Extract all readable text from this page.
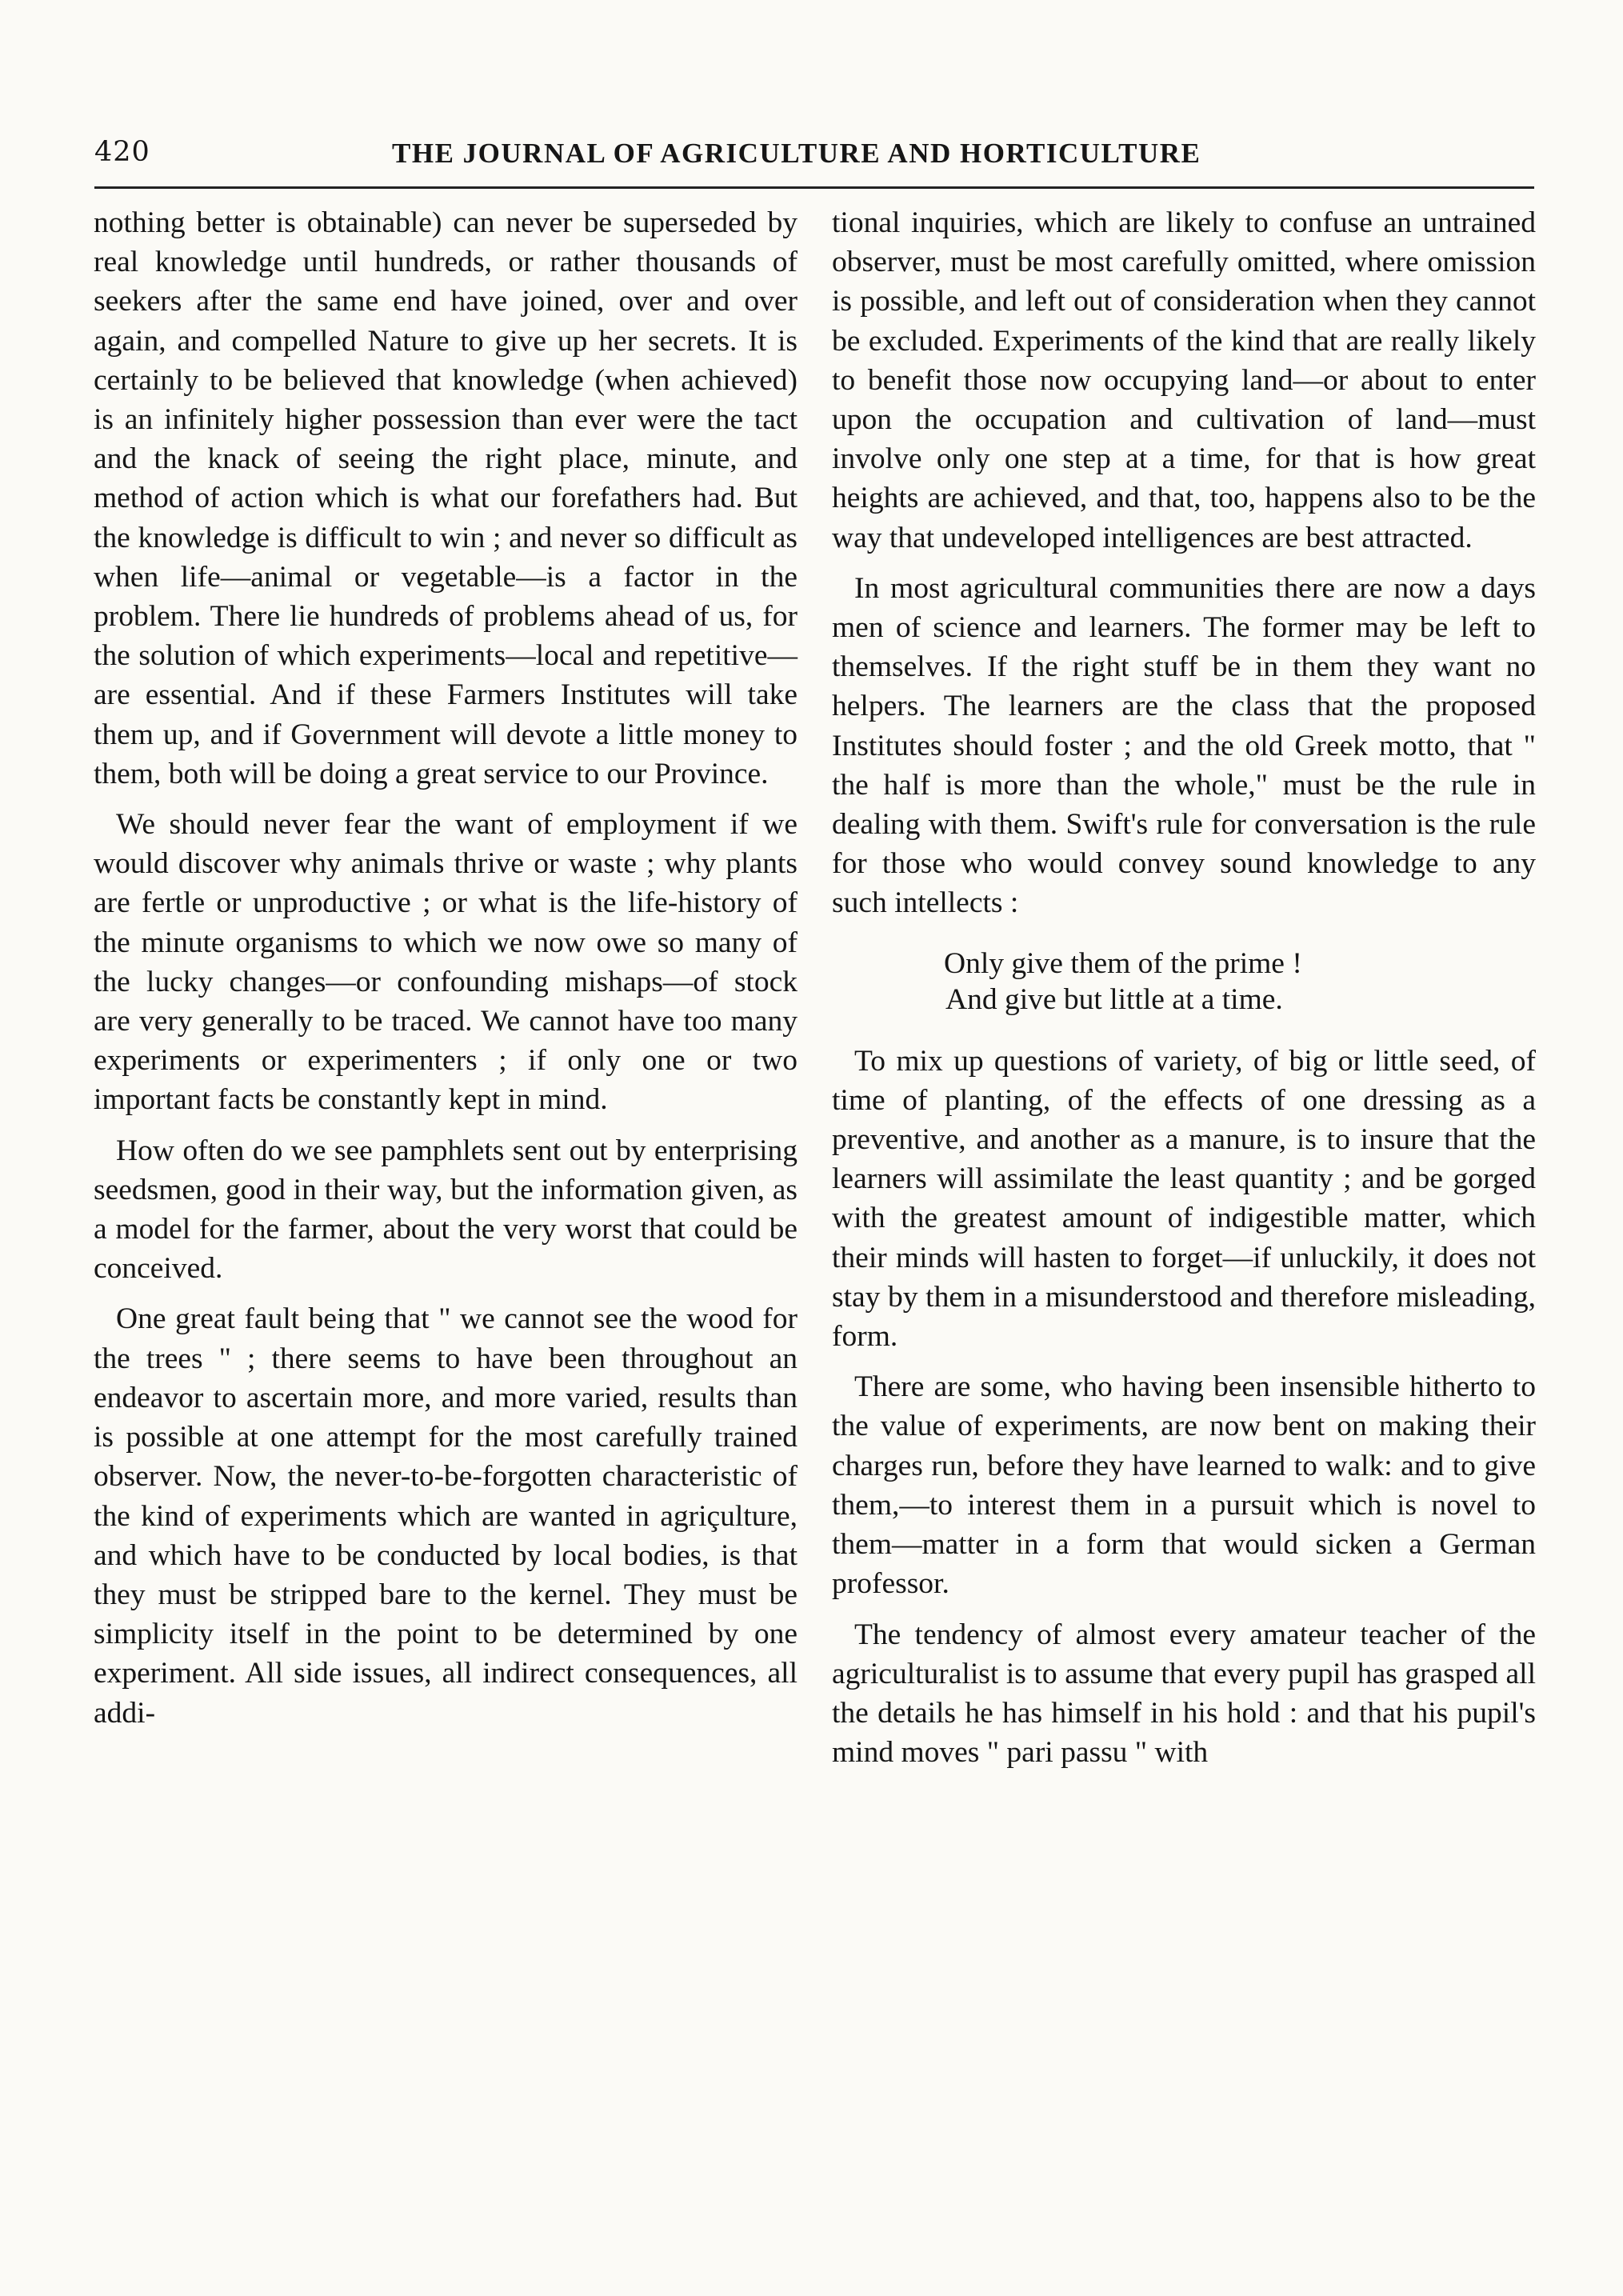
420	THE JOURNAL OF AGRICULTURE AND HORTICULTURE

nothing better is obtainable) can never be superseded by real knowledge until hundreds, or rather thousands of seekers after the same end have joined, over and over again, and compelled Nature to give up her secrets. It is certainly to be believed that knowledge (when achieved) is an infinitely higher possession than ever were the tact and the knack of seeing the right place, minute, and method of action which is what our forefathers had. But the knowledge is difficult to win ; and never so difficult as when life—animal or vegetable—is a factor in the problem. There lie hundreds of problems ahead of us, for the solution of which experiments—local and repetitive—are essential. And if these Farmers Institutes will take them up, and if Government will devote a little money to them, both will be doing a great service to our Province.

We should never fear the want of employment if we would discover why animals thrive or waste ; why plants are fertle or unproductive ; or what is the life-history of the minute organisms to which we now owe so many of the lucky changes—or confounding mishaps—of stock are very generally to be traced. We cannot have too many experiments or experimenters ; if only one or two important facts be constantly kept in mind.

How often do we see pamphlets sent out by enterprising seedsmen, good in their way, but the information given, as a model for the farmer, about the very worst that could be conceived.

One great fault being that " we cannot see the wood for the trees " ; there seems to have been throughout an endeavor to ascertain more, and more varied, results than is possible at one attempt for the most carefully trained observer. Now, the never-to-be-forgotten characteristic of the kind of experiments which are wanted in agriçulture, and which have to be conducted by local bodies, is that they must be stripped bare to the kernel. They must be simplicity itself in the point to be determined by one experiment. All side issues, all indirect consequences, all addi-

tional inquiries, which are likely to confuse an untrained observer, must be most carefully omitted, where omission is possible, and left out of consideration when they cannot be excluded. Experiments of the kind that are really likely to benefit those now occupying land—or about to enter upon the occupation and cultivation of land—must involve only one step at a time, for that is how great heights are achieved, and that, too, happens also to be the way that undeveloped intelligences are best attracted.

In most agricultural communities there are now a days men of science and learners. The former may be left to themselves. If the right stuff be in them they want no helpers. The learners are the class that the proposed Institutes should foster ; and the old Greek motto, that " the half is more than the whole," must be the rule in dealing with them. Swift's rule for conversation is the rule for those who would convey sound knowledge to any such intellects :

Only give them of the prime !
And give but little at a time.

To mix up questions of variety, of big or little seed, of time of planting, of the effects of one dressing as a preventive, and another as a manure, is to insure that the learners will assimilate the least quantity ; and be gorged with the greatest amount of indigestible matter, which their minds will hasten to forget—if unluckily, it does not stay by them in a misunderstood and therefore misleading, form.

There are some, who having been insensible hitherto to the value of experiments, are now bent on making their charges run, before they have learned to walk: and to give them,—to interest them in a pursuit which is novel to them—matter in a form that would sicken a German professor.

The tendency of almost every amateur teacher of the agriculturalist is to assume that every pupil has grasped all the details he has himself in his hold : and that his pupil's mind moves " pari passu " with
